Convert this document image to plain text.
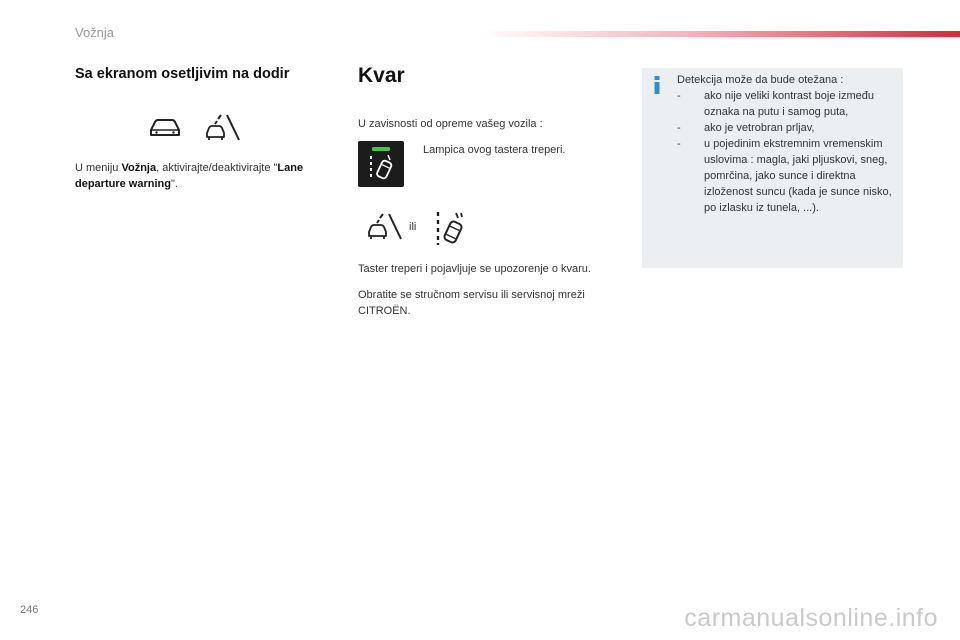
Vožnja
Sa ekranom osetljivim na dodir
U meniju Vožnja, aktivirajte/deaktivirajte "Lane departure warning".
Kvar
U zavisnosti od opreme vašeg vozila :
Lampica ovog tastera treperi.
ili
Taster treperi i pojavljuje se upozorenje o kvaru.
Obratite se stručnom servisu ili servisnoj mreži CITROËN.
Detekcija može da bude otežana :
- ako nije veliki kontrast boje između oznaka na putu i samog puta,
- ako je vetrobran prljav,
- u pojedinim ekstremnim vremenskim uslovima : magla, jaki pljuskovi, sneg, pomrčina, jako sunce i direktna izloženost suncu (kada je sunce nisko, po izlasku iz tunela, ...).
246	carmanualsonline.info
